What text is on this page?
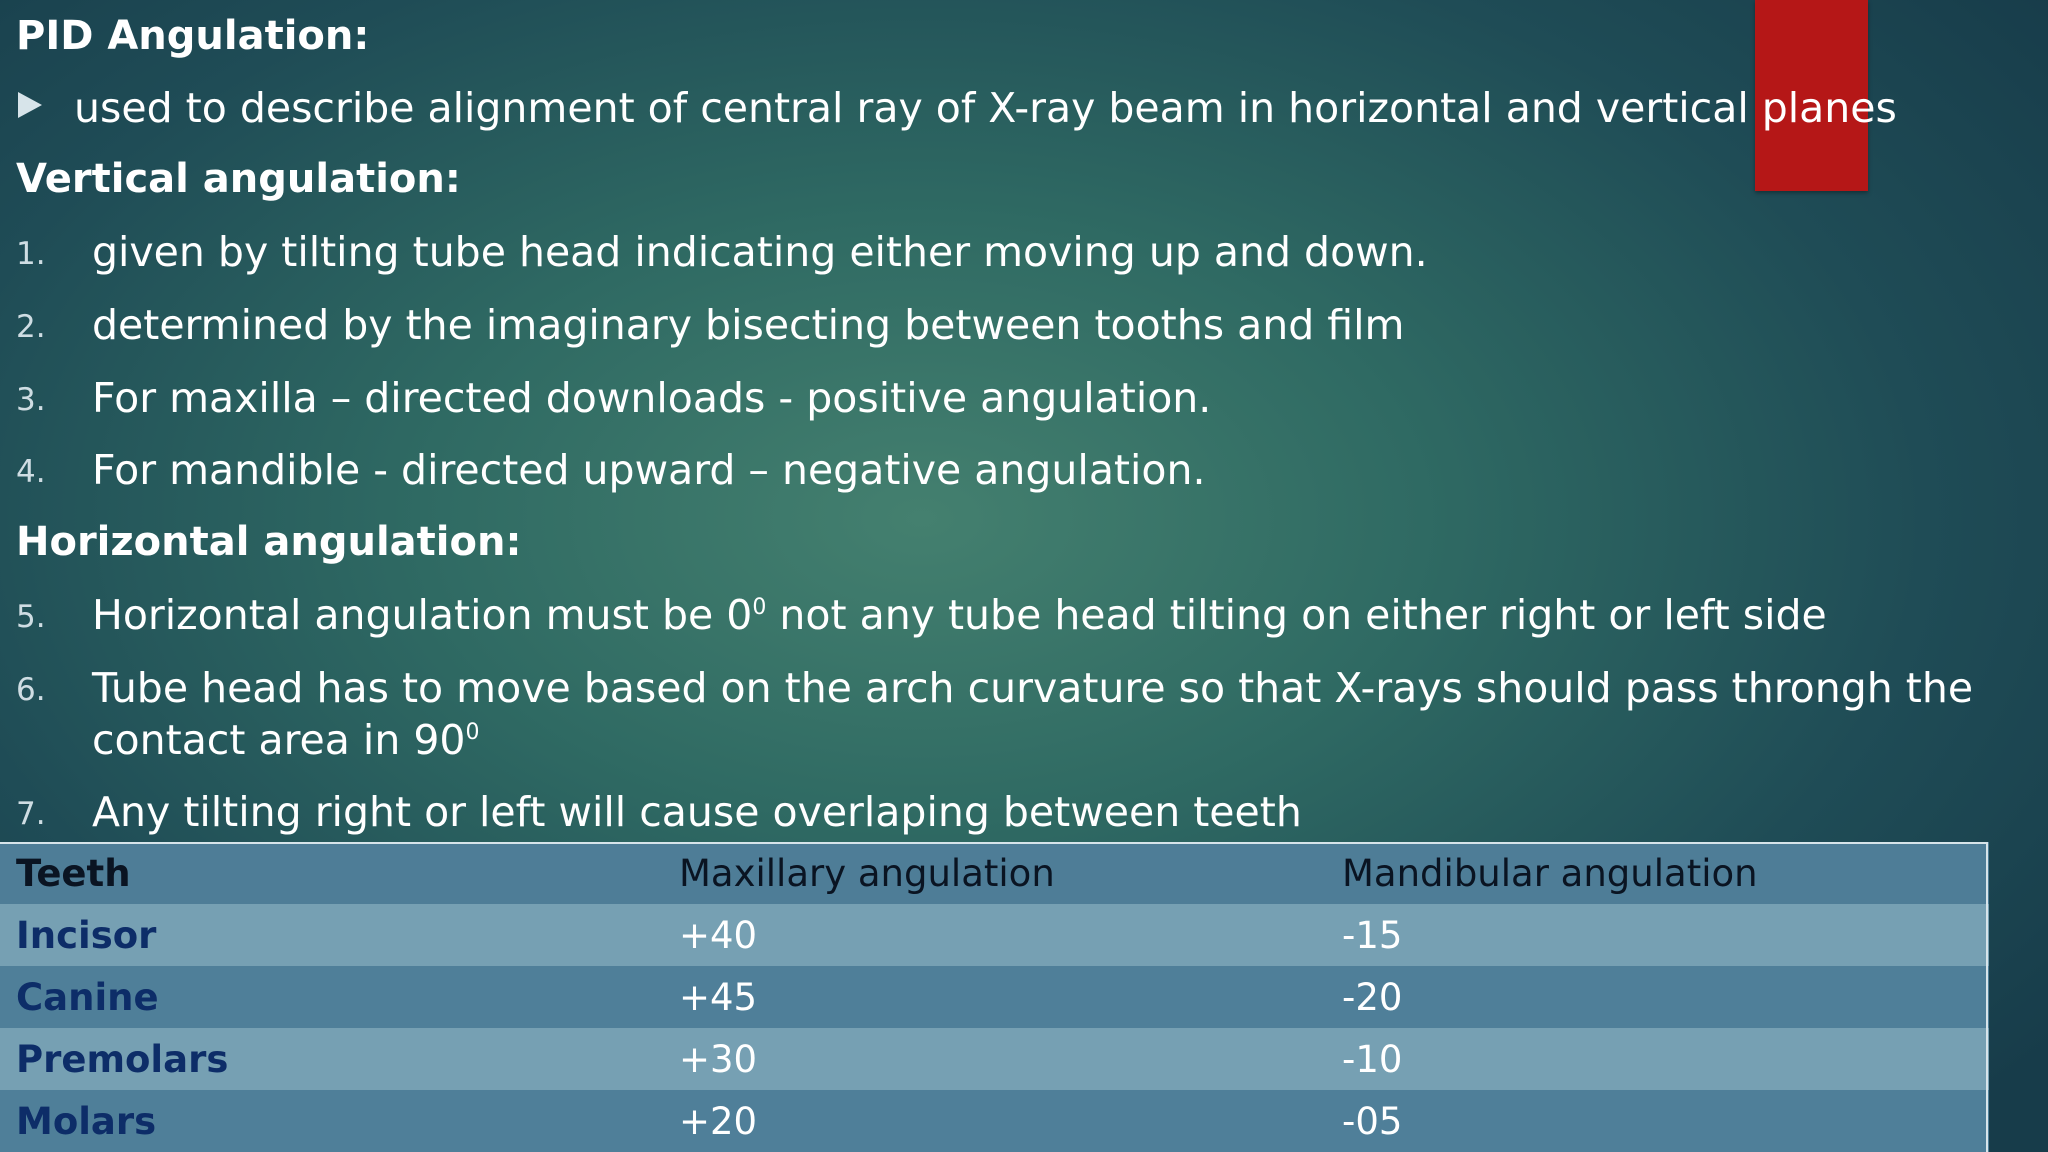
PID Angulation:
used to describe alignment of central ray of X-ray beam in horizontal and vertical planes
Vertical angulation:
1.	given by tilting tube head indicating either moving up and down.
2.	determined by the imaginary bisecting between tooths and film
3.	For maxilla – directed downloads - positive angulation.
4.	For mandible - directed upward – negative angulation.
Horizontal angulation:
5.	Horizontal angulation must be $0^0$ not any tube head tilting on either right or left side
6.	Tube head has to move based on the arch curvature so that X-rays should pass throngh the
contact area in $90^0$
7.	Any tilting right or left will cause overlaping between teeth
Teeth	Maxillary angulation	Mandibular angulation
Incisor	+40	-15
Canine	+45	-20
Premolars	+30	-10
Molars	+20	-05
